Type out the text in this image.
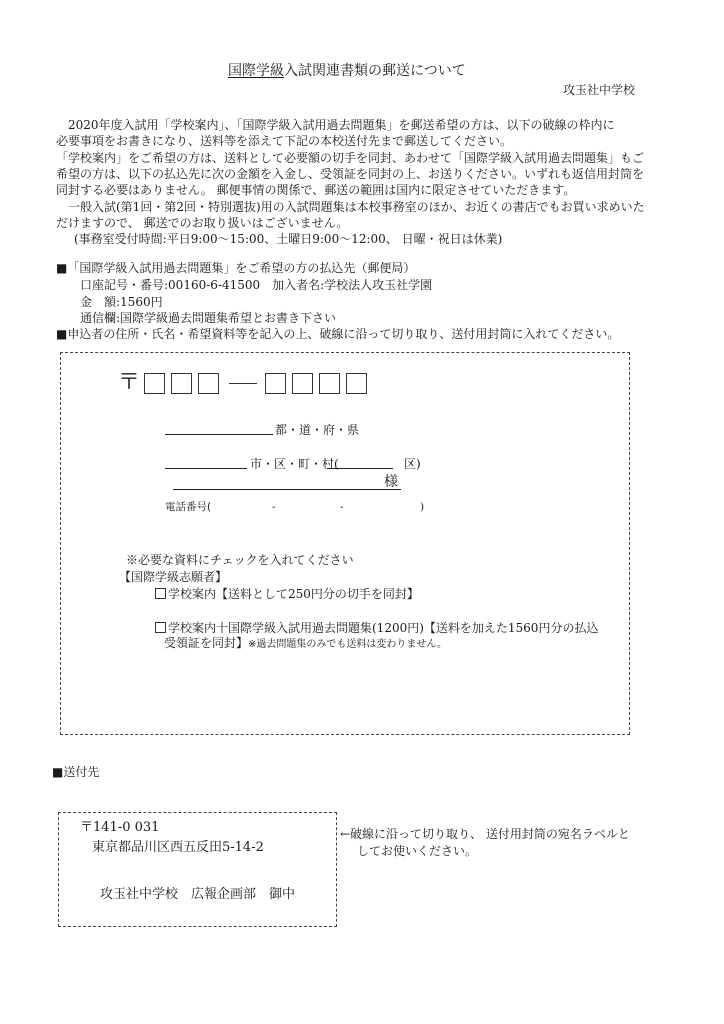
国際学級入試関連書類の郵送について
攻玉社中学校
2020年度入試用「学校案内」、「国際学級入試用過去問題集」を郵送希望の方は、以下の破線の枠内に
必要事項をお書きになり、送料等を添えて下記の本校送付先まで郵送してください。
「学校案内」をご希望の方は、送料として必要額の切手を同封、あわせて「国際学級入試用過去問題集」もご
希望の方は、以下の払込先に次の金額を入金し、受領証を同封の上、お送りください。いずれも返信用封筒を
同封する必要はありません。 郵便事情の関係で、郵送の範囲は国内に限定させていただきます。
一般入試(第1回・第2回・特別選抜)用の入試問題集は本校事務室のほか、お近くの書店でもお買い求めいた
だけますので、 郵送でのお取り扱いはございません。
(事務室受付時間:平日9:00～15:00、土曜日9:00～12:00、 日曜・祝日は休業)
■「国際学級入試用過去問題集」をご希望の方の払込先（郵便局）
口座記号・番号:00160-6-41500　加入者名:学校法人攻玉社学園
金　額:1560円
通信欄:国際学級過去問題集希望とお書き下さい
■申込者の住所・氏名・希望資料等を記入の上、破線に沿って切り取り、送付用封筒に入れてください。
〒
都・道・府・県
市・区・町・村(	区)
様
電話番号(	-	-	)
※必要な資料にチェックを入れてください
【国際学級志願者】
学校案内【送料として250円分の切手を同封】
学校案内十国際学級入試用過去問題集(1200円)【送料を加えた1560円分の払込
受領証を同封】※過去問題集のみでも送料は変わりません。
■送付先
〒141-0 031
東京都品川区西五反田5-14-2
攻玉社中学校　広報企画部　御中
←破線に沿って切り取り、 送付用封筒の宛名ラベルと
してお使いください。
